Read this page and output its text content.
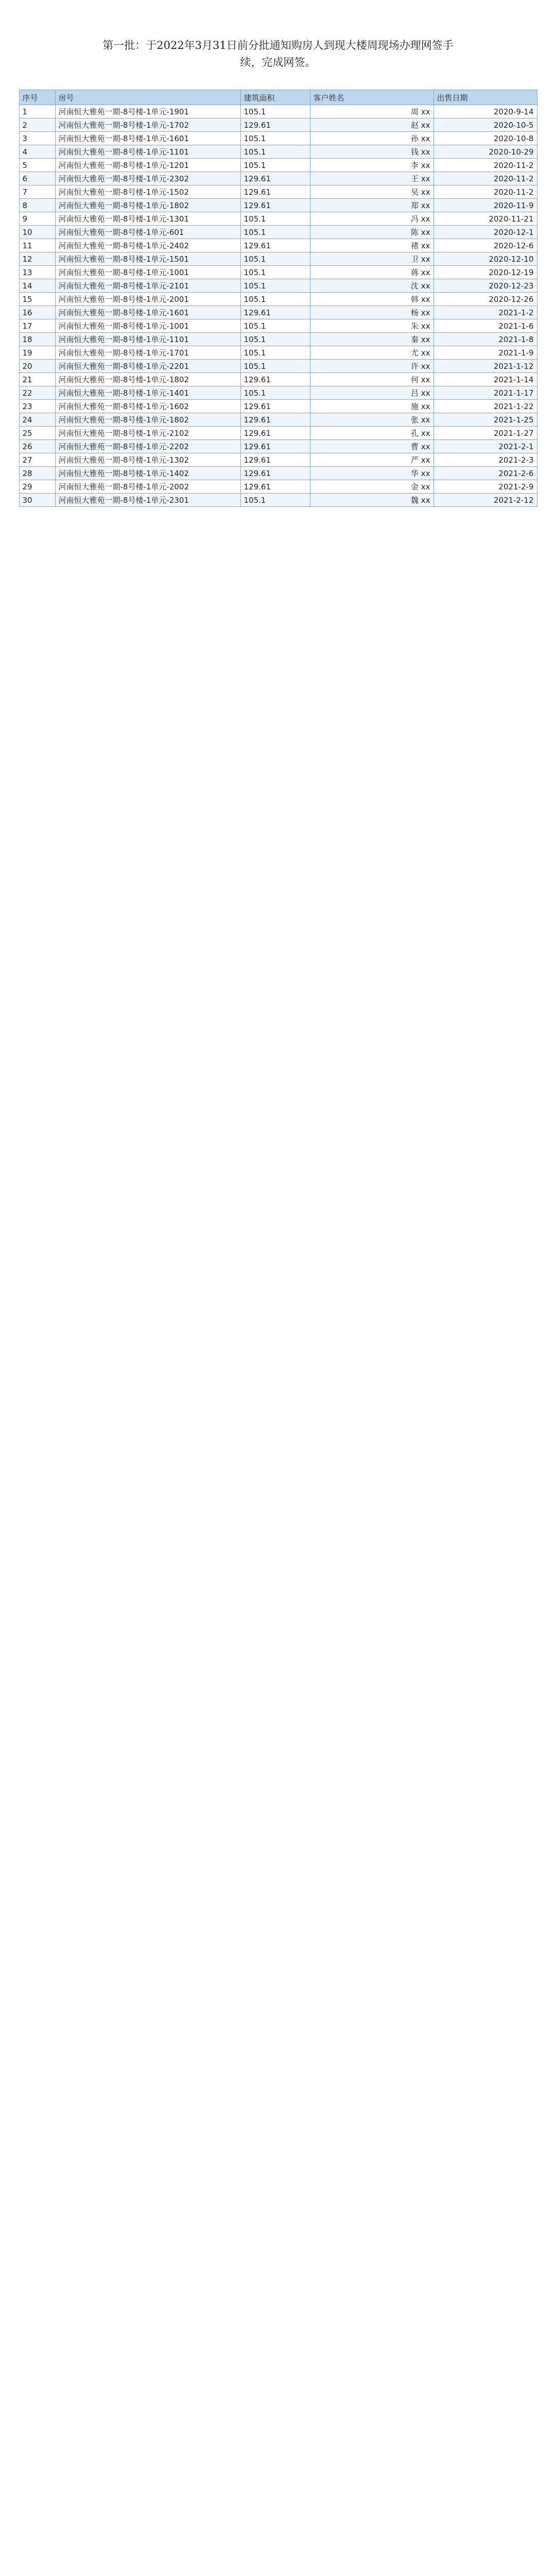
第一批：于2022年3月31日前分批通知购房人到现大楼周现场办理网签手续，完成网签。
序号	房号	建筑面积	客户姓名	出售日期
1	河南恒大雅苑一期-8号楼-1单元-1901	105.1	周 xx	2020-9-14
2	河南恒大雅苑一期-8号楼-1单元-1702	129.61	赵 xx	2020-10-5
3	河南恒大雅苑一期-8号楼-1单元-1601	105.1	孙 xx	2020-10-8
4	河南恒大雅苑一期-8号楼-1单元-1101	105.1	钱 xx	2020-10-29
5	河南恒大雅苑一期-8号楼-1单元-1201	105.1	李 xx	2020-11-2
6	河南恒大雅苑一期-8号楼-1单元-2302	129.61	王 xx	2020-11-2
7	河南恒大雅苑一期-8号楼-1单元-1502	129.61	吴 xx	2020-11-2
8	河南恒大雅苑一期-8号楼-1单元-1802	129.61	郑 xx	2020-11-9
9	河南恒大雅苑一期-8号楼-1单元-1301	105.1	冯 xx	2020-11-21
10	河南恒大雅苑一期-8号楼-1单元-601	105.1	陈 xx	2020-12-1
11	河南恒大雅苑一期-8号楼-1单元-2402	129.61	褚 xx	2020-12-6
12	河南恒大雅苑一期-8号楼-1单元-1501	105.1	卫 xx	2020-12-10
13	河南恒大雅苑一期-8号楼-1单元-1001	105.1	蒋 xx	2020-12-19
14	河南恒大雅苑一期-8号楼-1单元-2101	105.1	沈 xx	2020-12-23
15	河南恒大雅苑一期-8号楼-1单元-2001	105.1	韩 xx	2020-12-26
16	河南恒大雅苑一期-8号楼-1单元-1601	129.61	杨 xx	2021-1-2
17	河南恒大雅苑一期-8号楼-1单元-1001	105.1	朱 xx	2021-1-6
18	河南恒大雅苑一期-8号楼-1单元-1101	105.1	秦 xx	2021-1-8
19	河南恒大雅苑一期-8号楼-1单元-1701	105.1	尤 xx	2021-1-9
20	河南恒大雅苑一期-8号楼-1单元-2201	105.1	许 xx	2021-1-12
21	河南恒大雅苑一期-8号楼-1单元-1802	129.61	何 xx	2021-1-14
22	河南恒大雅苑一期-8号楼-1单元-1401	105.1	吕 xx	2021-1-17
23	河南恒大雅苑一期-8号楼-1单元-1602	129.61	施 xx	2021-1-22
24	河南恒大雅苑一期-8号楼-1单元-1802	129.61	张 xx	2021-1-25
25	河南恒大雅苑一期-8号楼-1单元-2102	129.61	孔 xx	2021-1-27
26	河南恒大雅苑一期-8号楼-1单元-2202	129.61	曹 xx	2021-2-1
27	河南恒大雅苑一期-8号楼-1单元-1302	129.61	严 xx	2021-2-3
28	河南恒大雅苑一期-8号楼-1单元-1402	129.61	华 xx	2021-2-6
29	河南恒大雅苑一期-8号楼-1单元-2002	129.61	金 xx	2021-2-9
30	河南恒大雅苑一期-8号楼-1单元-2301	105.1	魏 xx	2021-2-12
